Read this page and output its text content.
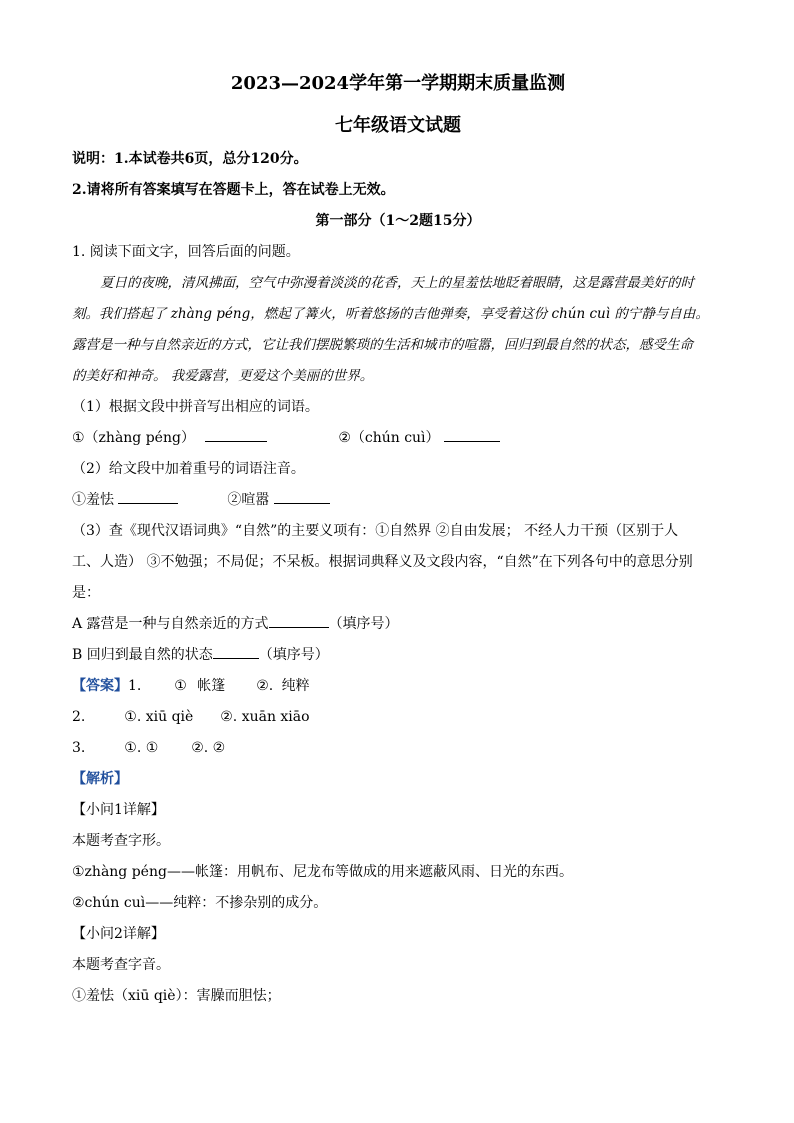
2023—2024学年第一学期期末质量监测
七年级语文试题

说明：1.本试卷共6页，总分120分。

2.请将所有答案填写在答题卡上，答在试卷上无效。

第一部分（1～2题15分）

1. 阅读下面文字，回答后面的问题。

夏日的夜晚，清风拂面，空气中弥漫着淡淡的花香，天上的星羞怯地眨着眼睛，这是露营最美好的时
刻。我们搭起了 zhàng péng，燃起了篝火，听着悠扬的吉他弹奏，享受着这份 chún cuì 的宁静与自由。
露营是一种与自然亲近的方式，它让我们摆脱繁琐的生活和城市的喧嚣，回归到最自然的状态，感受生命
的美好和神奇。 我爱露营，更爱这个美丽的世界。

（1）根据文段中拼音写出相应的词语。

①（zhàng péng）	②（chún cuì）

（2）给文段中加着重号的词语注音。

①羞怯	②喧嚣

（3）查《现代汉语词典》“自然”的主要义项有：①自然界 ②自由发展； 不经人力干预（区别于人

工、人造） ③不勉强；不局促；不呆板。根据词典释义及文段内容，“自然”在下列各句中的意思分别

是：

A 露营是一种与自然亲近的方式	（填序号）

B 回归到最自然的状态	（填序号）

【答案】1. ① 帐篷 ②. 纯粹

2.	①. xiū qiè ②. xuān xiāo

3.	①. ① ②. ②

【解析】

【小问1详解】

本题考查字形。

①zhàng péng——帐篷：用帆布、尼龙布等做成的用来遮蔽风雨、日光的东西。

②chún cuì——纯粹：不掺杂别的成分。

【小问2详解】

本题考查字音。

①羞怯（xiū qiè）：害臊而胆怯；
